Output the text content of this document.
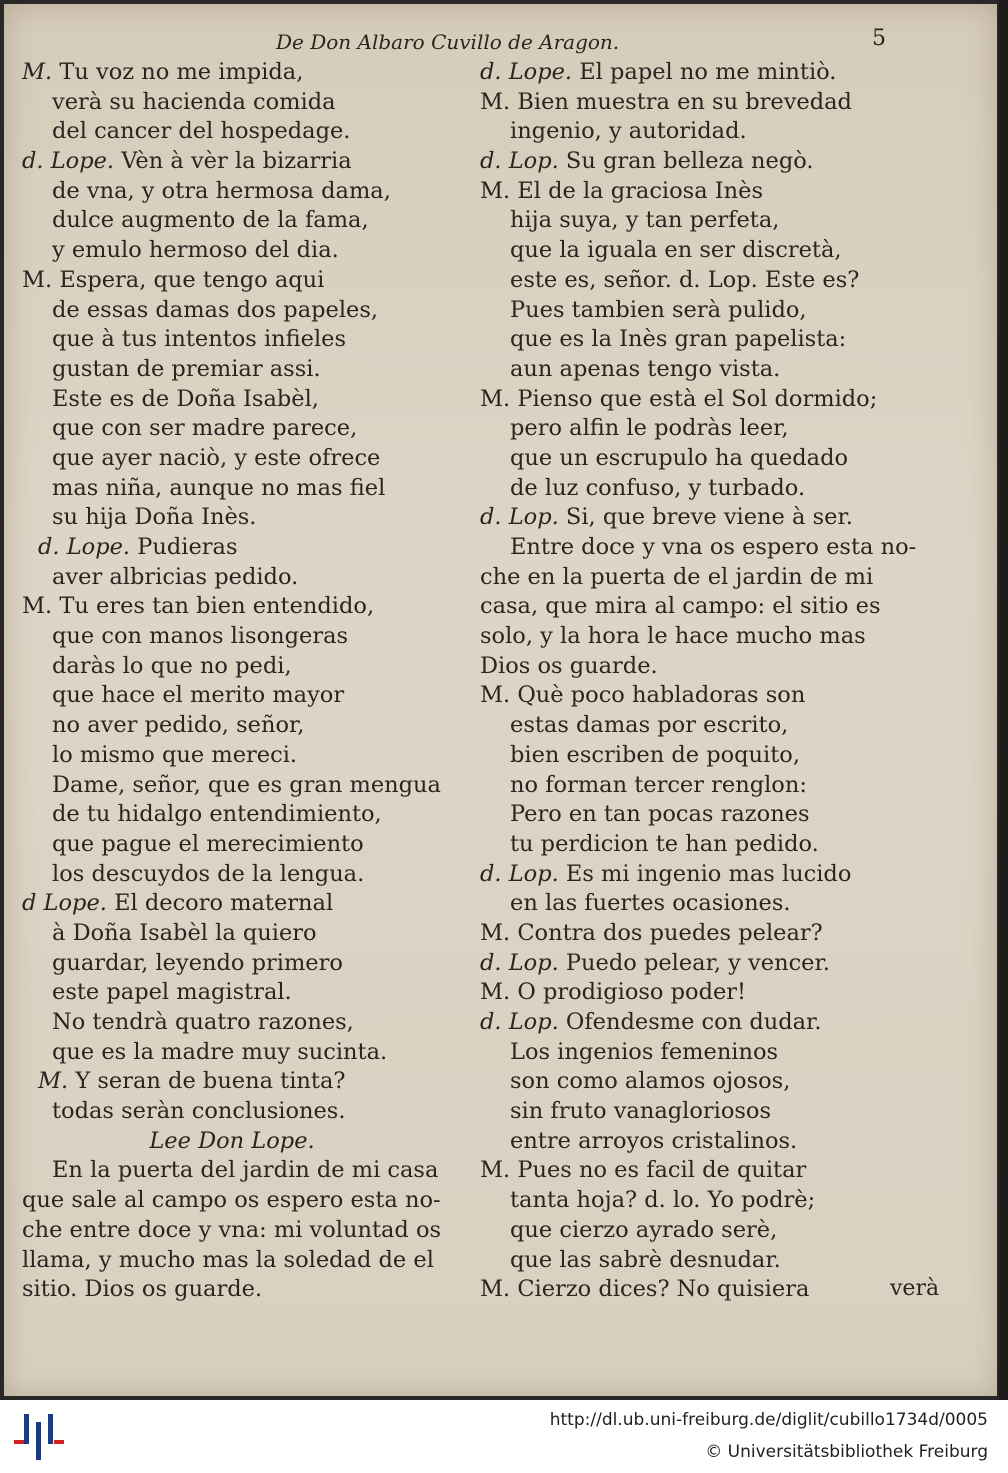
De Don Albaro Cuvillo de Aragon.	5
M. Tu voz no me impida,
verà su hacienda comida
del cancer del hospedage.
d. Lope. Vèn à vèr la bizarria
de vna, y otra hermosa dama,
dulce augmento de la fama,
y emulo hermoso del dia.
M. Espera, que tengo aqui
de essas damas dos papeles,
que à tus intentos infieles
gustan de premiar assi.
Este es de Doña Isabèl,
que con ser madre parece,
que ayer naciò, y este ofrece
mas niña, aunque no mas fiel
su hija Doña Inès.
d. Lope. Pudieras
aver albricias pedido.
M. Tu eres tan bien entendido,
que con manos lisongeras
daràs lo que no pedi,
que hace el merito mayor
no aver pedido, señor,
lo mismo que mereci.
Dame, señor, que es gran mengua
de tu hidalgo entendimiento,
que pague el merecimiento
los descuydos de la lengua.
d Lope. El decoro maternal
à Doña Isabèl la quiero
guardar, leyendo primero
este papel magistral.
No tendrà quatro razones,
que es la madre muy sucinta.
M. Y seran de buena tinta?
todas seràn conclusiones.
Lee Don Lope.
En la puerta del jardin de mi casa
que sale al campo os espero esta no-
che entre doce y vna: mi voluntad os
llama, y mucho mas la soledad de el
sitio. Dios os guarde.
d. Lope. El papel no me mintiò.
M. Bien muestra en su brevedad
ingenio, y autoridad.
d. Lop. Su gran belleza negò.
M. El de la graciosa Inès
hija suya, y tan perfeta,
que la iguala en ser discretà,
este es, señor. d. Lop. Este es?
Pues tambien serà pulido,
que es la Inès gran papelista:
aun apenas tengo vista.
M. Pienso que està el Sol dormido;
pero alfin le podràs leer,
que un escrupulo ha quedado
de luz confuso, y turbado.
d. Lop. Si, que breve viene à ser.
Entre doce y vna os espero esta no-
che en la puerta de el jardin de mi
casa, que mira al campo: el sitio es
solo, y la hora le hace mucho mas
Dios os guarde.
M. Què poco habladoras son
estas damas por escrito,
bien escriben de poquito,
no forman tercer renglon:
Pero en tan pocas razones
tu perdicion te han pedido.
d. Lop. Es mi ingenio mas lucido
en las fuertes ocasiones.
M. Contra dos puedes pelear?
d. Lop. Puedo pelear, y vencer.
M. O prodigioso poder!
d. Lop. Ofendesme con dudar.
Los ingenios femeninos
son como alamos ojosos,
sin fruto vanagloriosos
entre arroyos cristalinos.
M. Pues no es facil de quitar
tanta hoja? d. lo. Yo podrè;
que cierzo ayrado serè,
que las sabrè desnudar.
M. Cierzo dices? No quisiera	verà
http://dl.ub.uni-freiburg.de/diglit/cubillo1734d/0005
© Universitätsbibliothek Freiburg
